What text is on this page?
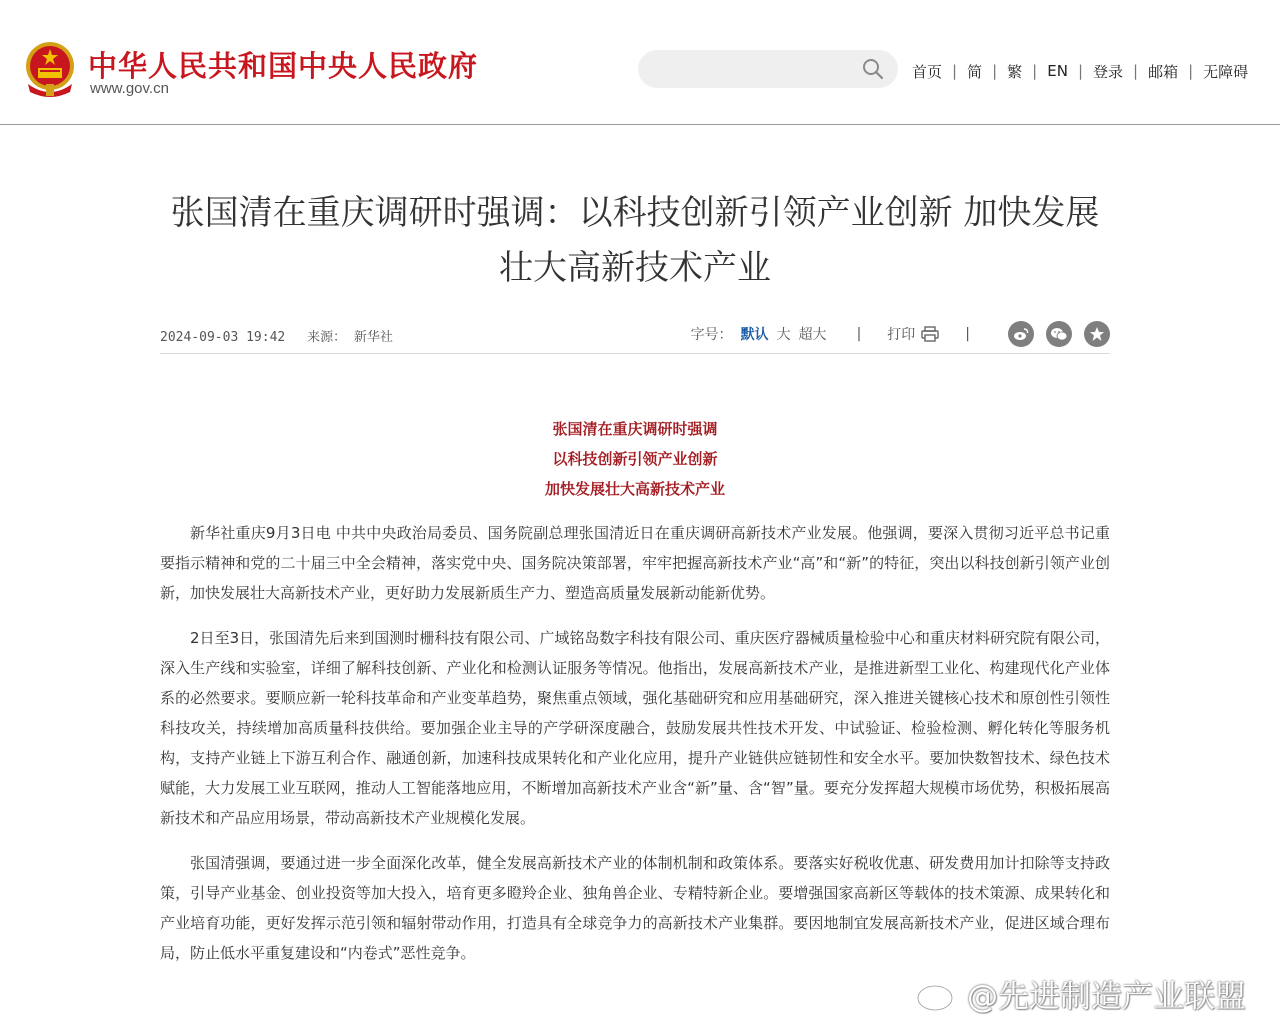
中华人民共和国中央人民政府
www.gov.cn
首页 | 简 | 繁 | EN | 登录 | 邮箱 | 无障碍
张国清在重庆调研时强调：以科技创新引领产业创新 加快发展壮大高新技术产业
2024-09-03 19:42 来源： 新华社	字号： 默认 大 超大 | 打印	|
张国清在重庆调研时强调
以科技创新引领产业创新
加快发展壮大高新技术产业

新华社重庆9月3日电 中共中央政治局委员、国务院副总理张国清近日在重庆调研高新技术产业发展。他强调，要深入贯彻习近平总书记重要指示精神和党的二十届三中全会精神，落实党中央、国务院决策部署，牢牢把握高新技术产业“高”和“新”的特征，突出以科技创新引领产业创新，加快发展壮大高新技术产业，更好助力发展新质生产力、塑造高质量发展新动能新优势。

2日至3日，张国清先后来到国测时栅科技有限公司、广域铭岛数字科技有限公司、重庆医疗器械质量检验中心和重庆材料研究院有限公司，深入生产线和实验室，详细了解科技创新、产业化和检测认证服务等情况。他指出，发展高新技术产业，是推进新型工业化、构建现代化产业体系的必然要求。要顺应新一轮科技革命和产业变革趋势，聚焦重点领域，强化基础研究和应用基础研究，深入推进关键核心技术和原创性引领性科技攻关，持续增加高质量科技供给。要加强企业主导的产学研深度融合，鼓励发展共性技术开发、中试验证、检验检测、孵化转化等服务机构，支持产业链上下游互利合作、融通创新，加速科技成果转化和产业化应用，提升产业链供应链韧性和安全水平。要加快数智技术、绿色技术赋能，大力发展工业互联网，推动人工智能落地应用，不断增加高新技术产业含“新”量、含“智”量。要充分发挥超大规模市场优势，积极拓展高新技术和产品应用场景，带动高新技术产业规模化发展。

张国清强调，要通过进一步全面深化改革，健全发展高新技术产业的体制机制和政策体系。要落实好税收优惠、研发费用加计扣除等支持政策，引导产业基金、创业投资等加大投入，培育更多瞪羚企业、独角兽企业、专精特新企业。要增强国家高新区等载体的技术策源、成果转化和产业培育功能，更好发挥示范引领和辐射带动作用，打造具有全球竞争力的高新技术产业集群。要因地制宜发展高新技术产业，促进区域合理布局，防止低水平重复建设和“内卷式”恶性竞争。

@先进制造产业联盟
